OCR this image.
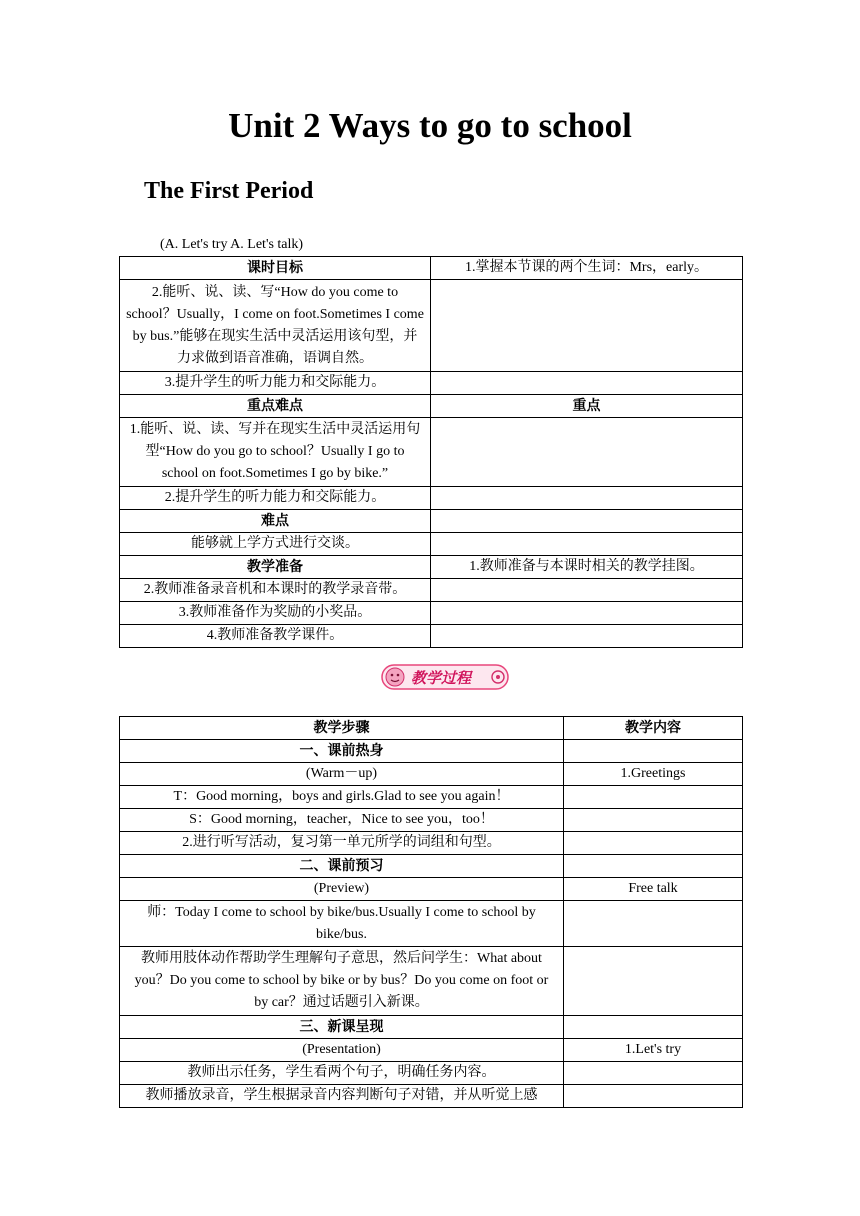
Unit 2 Ways to go to school
The First Period
(A. Let's try A. Let's talk)
课时目标	1.掌握本节课的两个生词：Mrs，early。
2.能听、说、读、写“How do you come to school？Usually，I come on foot.Sometimes I come by bus.”能够在现实生活中灵活运用该句型，并力求做到语音准确，语调自然。	
3.提升学生的听力能力和交际能力。	
重点难点	重点
1.能听、说、读、写并在现实生活中灵活运用句型“How do you go to school？Usually I go to school on foot.Sometimes I go by bike.”	
2.提升学生的听力能力和交际能力。	
难点	
能够就上学方式进行交谈。	
教学准备	1.教师准备与本课时相关的教学挂图。
2.教师准备录音机和本课时的教学录音带。	
3.教师准备作为奖励的小奖品。	
4.教师准备教学课件。	
教学过程
教学步骤	教学内容
一、课前热身	
(Warm－up)	1.Greetings
T：Good morning，boys and girls.Glad to see you again！	
S：Good morning，teacher，Nice to see you，too！	
2.进行听写活动，复习第一单元所学的词组和句型。	
二、课前预习	
(Preview)	Free talk
师：Today I come to school by bike/bus.Usually I come to school by bike/bus.	
教师用肢体动作帮助学生理解句子意思，然后问学生：What about you？Do you come to school by bike or by bus？Do you come on foot or by car？通过话题引入新课。	
三、新课呈现	
(Presentation)	1.Let's try
教师出示任务，学生看两个句子，明确任务内容。	
教师播放录音，学生根据录音内容判断句子对错，并从听觉上感	
